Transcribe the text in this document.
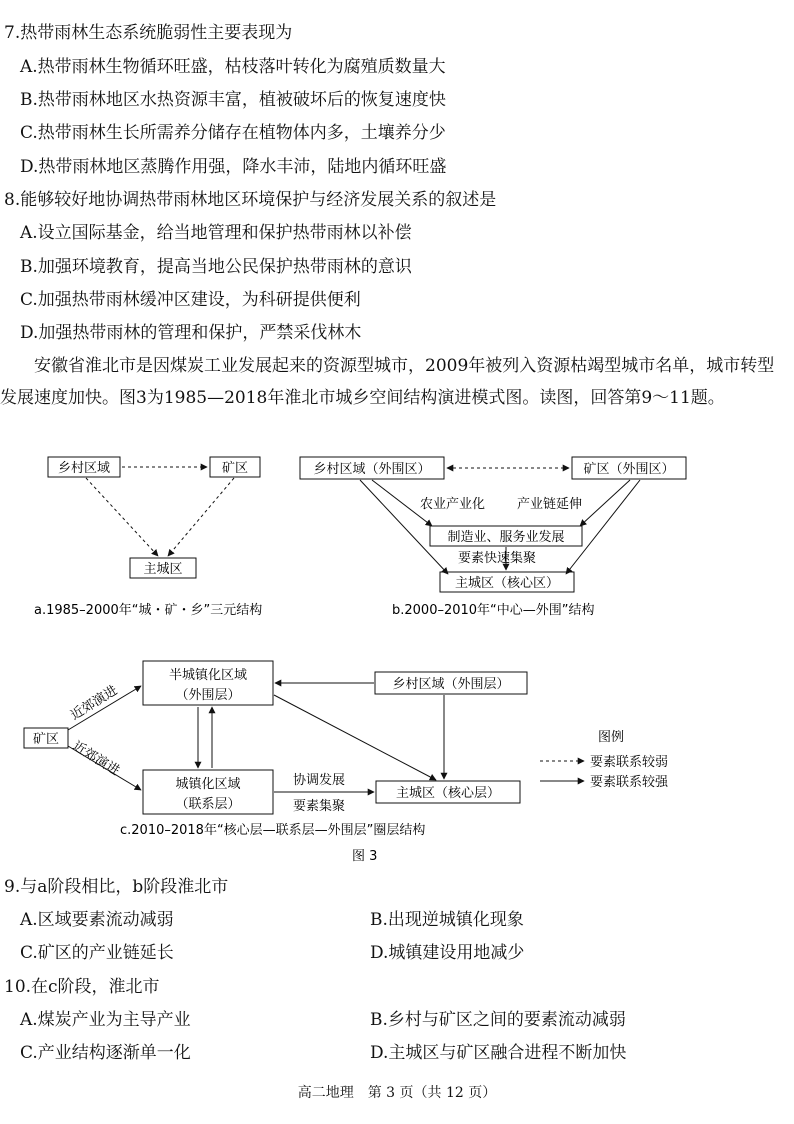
7.热带雨林生态系统脆弱性主要表现为
A.热带雨林生物循环旺盛，枯枝落叶转化为腐殖质数量大
B.热带雨林地区水热资源丰富，植被破坏后的恢复速度快
C.热带雨林生长所需养分储存在植物体内多，土壤养分少
D.热带雨林地区蒸腾作用强，降水丰沛，陆地内循环旺盛
8.能够较好地协调热带雨林地区环境保护与经济发展关系的叙述是
A.设立国际基金，给当地管理和保护热带雨林以补偿
B.加强环境教育，提高当地公民保护热带雨林的意识
C.加强热带雨林缓冲区建设，为科研提供便利
D.加强热带雨林的管理和保护，严禁采伐林木
安徽省淮北市是因煤炭工业发展起来的资源型城市，2009年被列入资源枯竭型城市名单，城市转型发展速度加快。图3为1985—2018年淮北市城乡空间结构演进模式图。读图，回答第9～11题。
乡村区域	矿区
主城区
a.1985–2000年“城・矿・乡”三元结构
乡村区域（外围区）	矿区（外围区）
农业产业化 产业链延伸
制造业、服务业发展
要素快速集聚
主城区（核心区）
b.2000–2010年“中心—外围”结构
半城镇化区域
（外围层）
乡村区域（外围层）
矿区
城镇化区域
（联系层）
主城区（核心层）
近郊演进
近郊演进
协调发展
要素集聚
c.2010–2018年“核心层—联系层—外围层”圈层结构
图例
要素联系较弱
要素联系较强
图 3
9.与a阶段相比，b阶段淮北市
A.区域要素流动减弱	B.出现逆城镇化现象
C.矿区的产业链延长	D.城镇建设用地减少
10.在c阶段，淮北市
A.煤炭产业为主导产业	B.乡村与矿区之间的要素流动减弱
C.产业结构逐渐单一化	D.主城区与矿区融合进程不断加快
高二地理　第 3 页（共 12 页）
